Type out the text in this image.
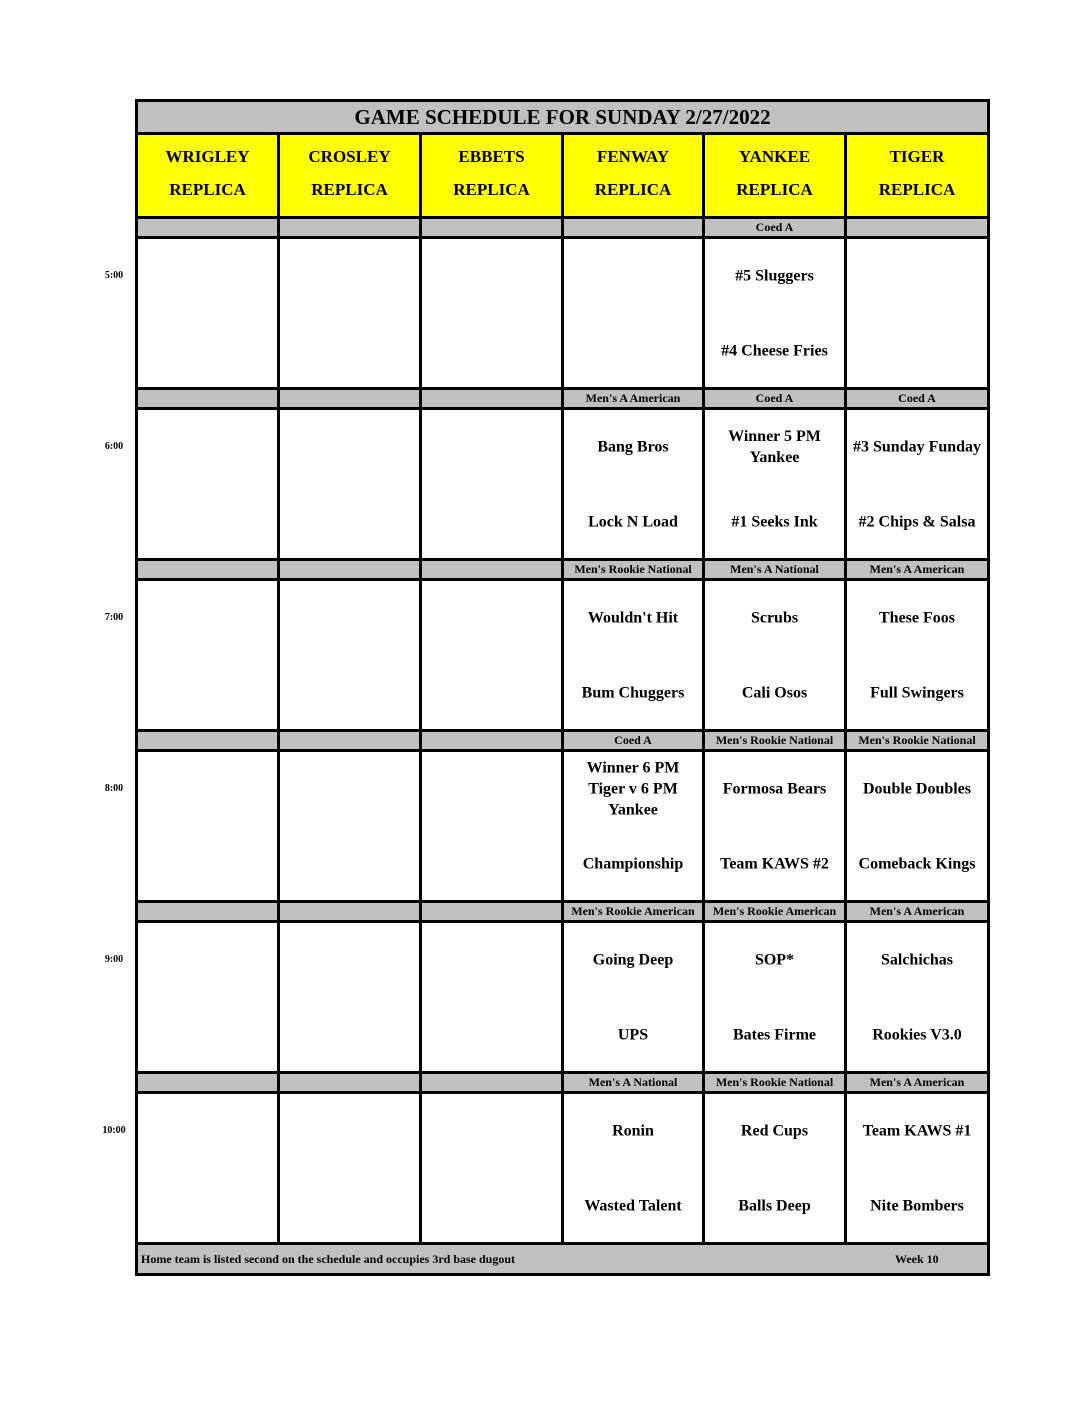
5:00
6:00
7:00
8:00
9:00
10:00
GAME SCHEDULE FOR SUNDAY 2/27/2022
WRIGLEY
REPLICA
CROSLEY
REPLICA
EBBETS
REPLICA
FENWAY
REPLICA
YANKEE
REPLICA
TIGER
REPLICA
Coed A
#5 Sluggers
#4 Cheese Fries
Men's A American
Bang Bros
Lock N Load
Coed A
Winner 5 PM
Yankee
#1 Seeks Ink
Coed A
#3 Sunday Funday
#2 Chips & Salsa
Men's Rookie National
Wouldn't Hit
Bum Chuggers
Men's A National
Scrubs
Cali Osos
Men's A American
These Foos
Full Swingers
Coed A
Winner 6 PM
Tiger v 6 PM
Yankee
Championship
Men's Rookie National
Formosa Bears
Team KAWS #2
Men's Rookie National
Double Doubles
Comeback Kings
Men's Rookie American
Going Deep
UPS
Men's Rookie American
SOP*
Bates Firme
Men's A American
Salchichas
Rookies V3.0
Men's A National
Ronin
Wasted Talent
Men's Rookie National
Red Cups
Balls Deep
Men's A American
Team KAWS #1
Nite Bombers
Home team is listed second on the schedule and occupies 3rd base dugout	Week 10
